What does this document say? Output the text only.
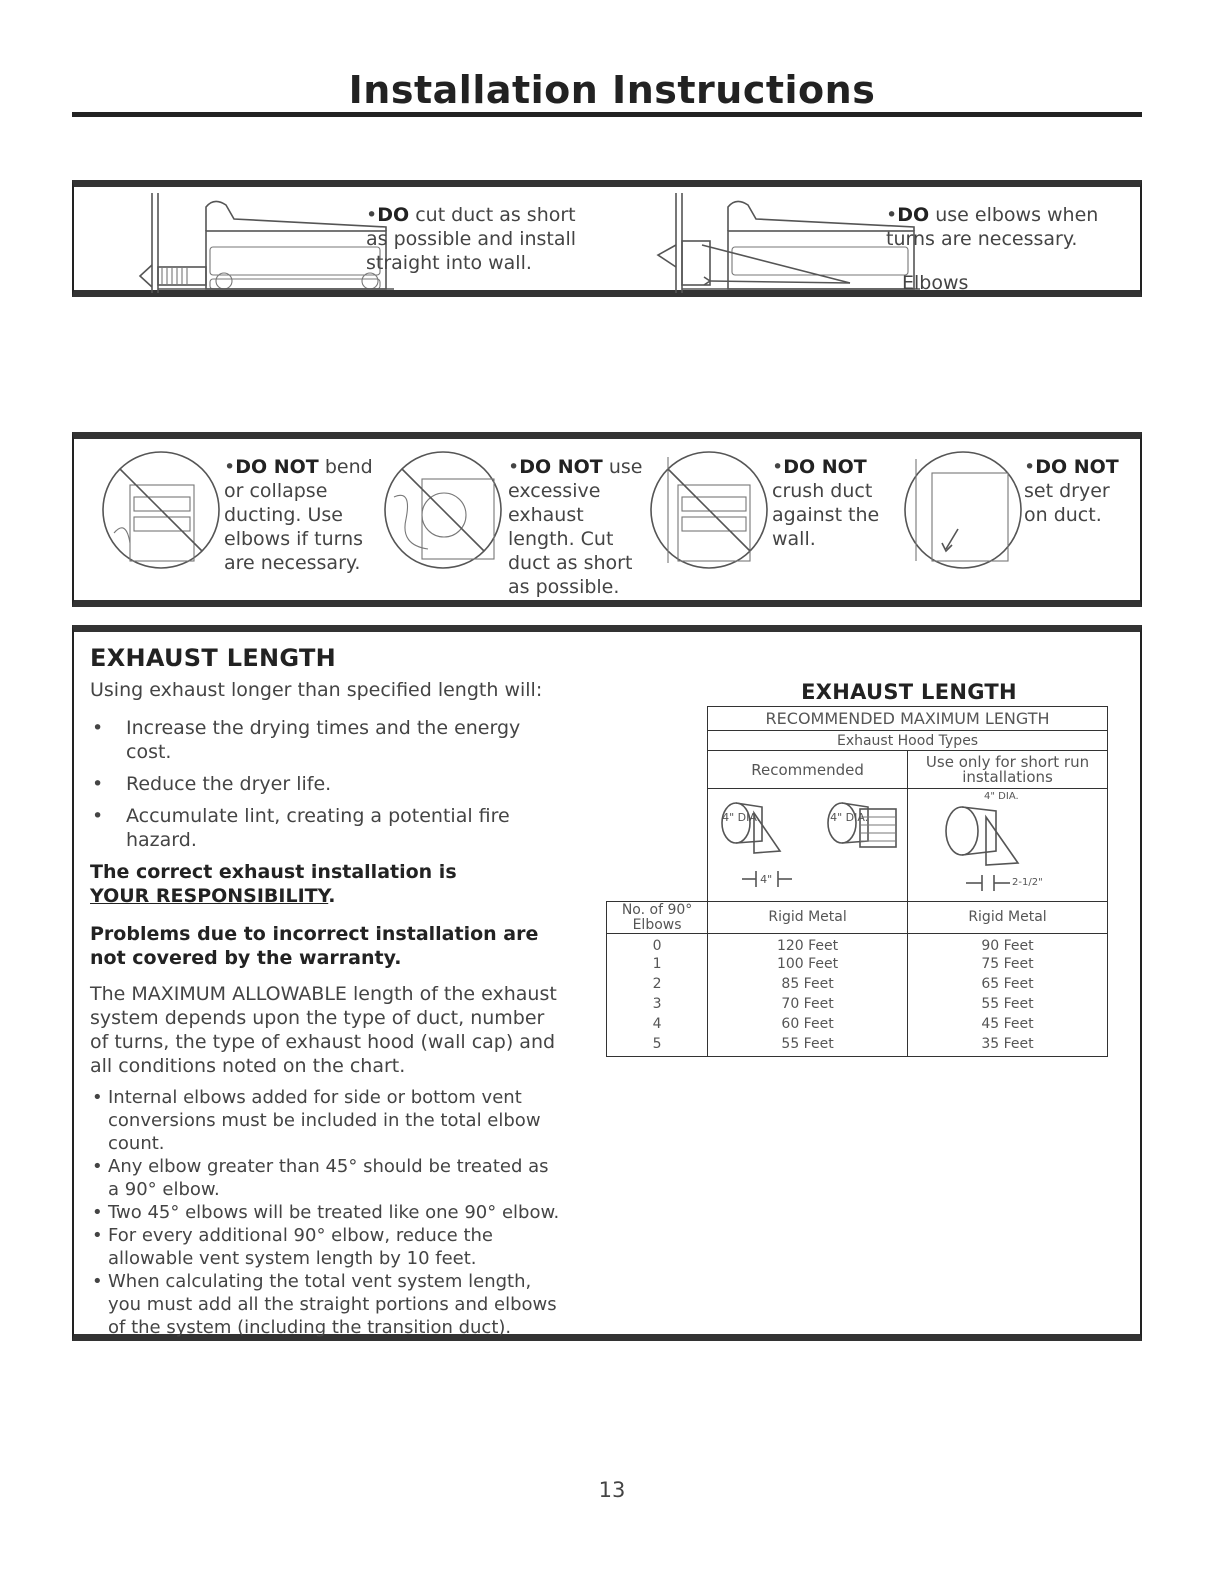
Installation Instructions
•DO cut duct as short as possible and install straight into wall.
Elbows
•DO use elbows when turns are necessary.
•DO NOT bend or collapse ducting. Use elbows if turns are necessary.
•DO NOT use excessive exhaust length. Cut duct as short as possible.
•DO NOT crush duct against the wall.
•DO NOT set dryer on duct.
EXHAUST LENGTH
Using exhaust longer than specified length will:
• Increase the drying times and the energy cost.
• Reduce the dryer life.
• Accumulate lint, creating a potential fire hazard.
The correct exhaust installation is YOUR RESPONSIBILITY.
Problems due to incorrect installation are not covered by the warranty.
The MAXIMUM ALLOWABLE length of the exhaust system depends upon the type of duct, number of turns, the type of exhaust hood (wall cap) and all conditions noted on the chart.
• Internal elbows added for side or bottom vent conversions must be included in the total elbow count.
• Any elbow greater than 45° should be treated as a 90° elbow.
• Two 45° elbows will be treated like one 90° elbow.
• For every additional 90° elbow, reduce the allowable vent system length by 10 feet.
• When calculating the total vent system length, you must add all the straight portions and elbows of the system (including the transition duct).
EXHAUST LENGTH
	RECOMMENDED MAXIMUM LENGTH	
	Exhaust Hood Types	
	Recommended	Use only for short run installations

	4" DIA. 4" DIA.
4"	4" DIA.
2-1/2"

No. of 90° Elbows	Rigid Metal	Rigid Metal
0	120 Feet	90 Feet
1	100 Feet	75 Feet
2	85 Feet	65 Feet
3	70 Feet	55 Feet
4	60 Feet	45 Feet
5	55 Feet	35 Feet
13
